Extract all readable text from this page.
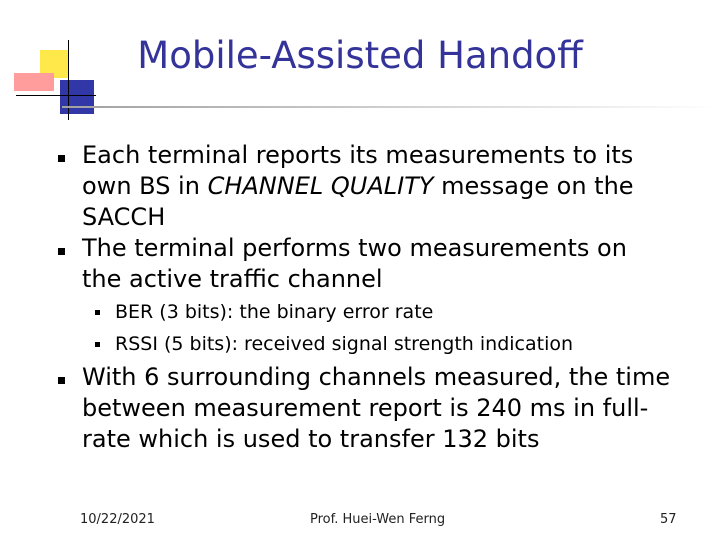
Mobile-Assisted Handoff
Each terminal reports its measurements to its
own BS in CHANNEL QUALITY message on the
SACCH
The terminal performs two measurements on
the active traffic channel
BER (3 bits): the binary error rate
RSSI (5 bits): received signal strength indication
With 6 surrounding channels measured, the time
between measurement report is 240 ms in full-
rate which is used to transfer 132 bits
10/22/2021	Prof. Huei-Wen Ferng	57
